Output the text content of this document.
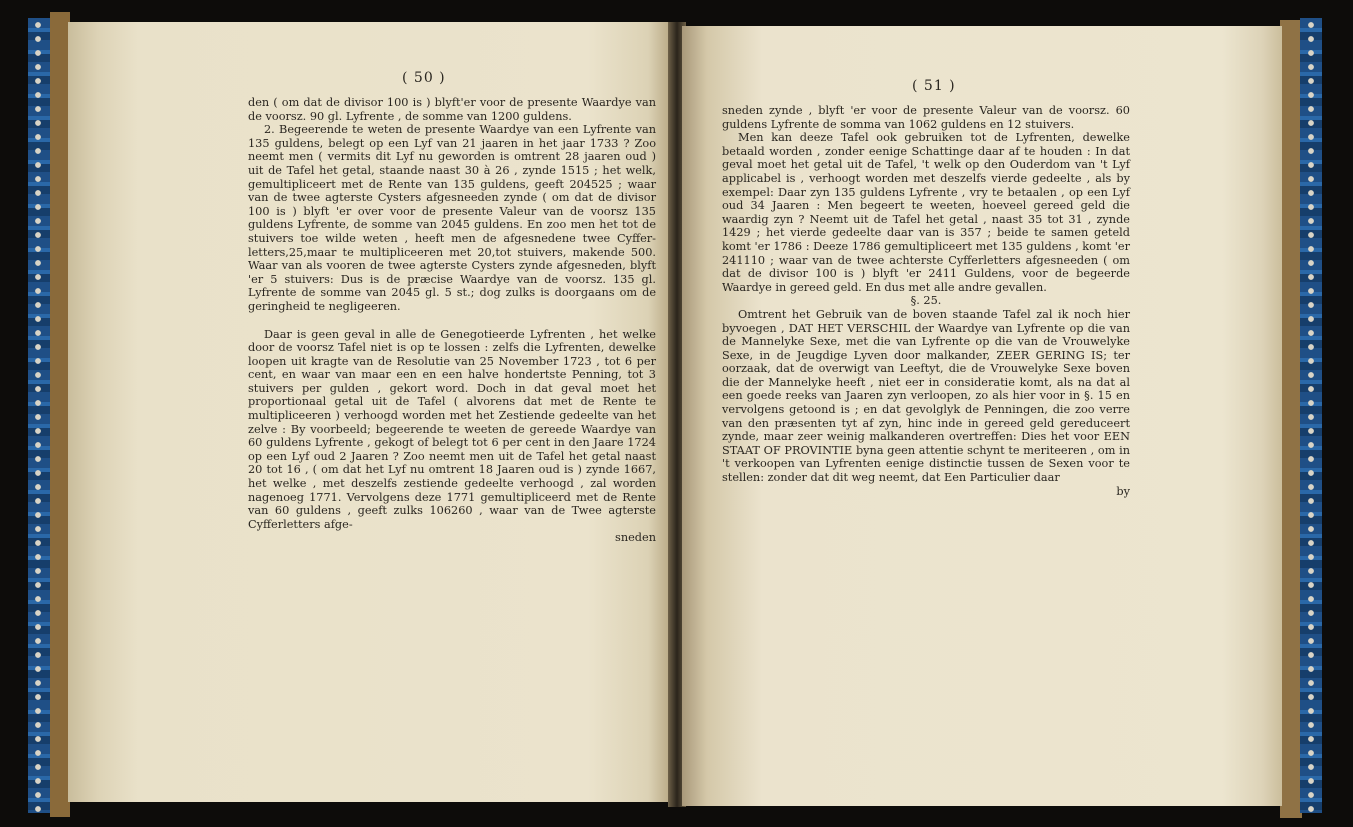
( 50 )

den ( om dat de divisor 100 is ) blyft'er voor de presente Waardye van de voorsz. 90 gl. Lyfrente , de somme van 1200 guldens.

2. Begeerende te weten de presente Waardye van een Lyfrente van 135 guldens, belegt op een Lyf van 21 jaaren in het jaar 1733 ? Zoo neemt men ( vermits dit Lyf nu geworden is omtrent 28 jaaren oud ) uit de Tafel het getal, staande naast 30 à 26 , zynde 1515 ; het welk, gemultipliceert met de Rente van 135 guldens, geeft 204525 ; waar van de twee agterste Cysters afgesneeden zynde ( om dat de divisor 100 is ) blyft 'er over voor de presente Valeur van de voorsz 135 guldens Lyfrente, de somme van 2045 guldens. En zoo men het tot de stuivers toe wilde weten , heeft men de afgesnedene twee Cyffer-letters,25,maar te multipliceeren met 20,tot stuivers, makende 500. Waar van als vooren de twee agterste Cysters zynde afgesneden, blyft 'er 5 stuivers: Dus is de præcise Waardye van de voorsz. 135 gl. Lyfrente de somme van 2045 gl. 5 st.; dog zulks is doorgaans om de geringheid te negligeeren.

Daar is geen geval in alle de Genegotieerde Lyfrenten , het welke door de voorsz Tafel niet is op te lossen : zelfs die Lyfrenten, dewelke loopen uit kragte van de Resolutie van 25 November 1723 , tot 6 per cent, en waar van maar een en een halve hondertste Penning, tot 3 stuivers per gulden , gekort word. Doch in dat geval moet het proportionaal getal uit de Tafel ( alvorens dat met de Rente te multipliceeren ) verhoogd worden met het Zestiende gedeelte van het zelve : By voorbeeld; begeerende te weeten de gereede Waardye van 60 guldens Lyfrente , gekogt of belegt tot 6 per cent in den Jaare 1724 op een Lyf oud 2 Jaaren ? Zoo neemt men uit de Tafel het getal naast 20 tot 16 , ( om dat het Lyf nu omtrent 18 Jaaren oud is ) zynde 1667, het welke , met deszelfs zestiende gedeelte verhoogd , zal worden nagenoeg 1771. Vervolgens deze 1771 gemultipliceerd met de Rente van 60 guldens , geeft zulks 106260 , waar van de Twee agterste Cyfferletters afge-

sneden

( 51 )

sneden zynde , blyft 'er voor de presente Valeur van de voorsz. 60 guldens Lyfrente de somma van 1062 guldens en 12 stuivers.

Men kan deeze Tafel ook gebruiken tot de Lyfrenten, dewelke betaald worden , zonder eenige Schattinge daar af te houden : In dat geval moet het getal uit de Tafel, 't welk op den Ouderdom van 't Lyf applicabel is , verhoogt worden met deszelfs vierde gedeelte , als by exempel: Daar zyn 135 guldens Lyfrente , vry te betaalen , op een Lyf oud 34 Jaaren : Men begeert te weeten, hoeveel gereed geld die waardig zyn ? Neemt uit de Tafel het getal , naast 35 tot 31 , zynde 1429 ; het vierde gedeelte daar van is 357 ; beide te samen geteld komt 'er 1786 : Deeze 1786 gemultipliceert met 135 guldens , komt 'er 241110 ; waar van de twee achterste Cyfferletters afgesneeden ( om dat de divisor 100 is ) blyft 'er 2411 Guldens, voor de begeerde Waardye in gereed geld. En dus met alle andre gevallen.

§. 25.

Omtrent het Gebruik van de boven staande Tafel zal ik noch hier byvoegen , DAT HET VERSCHIL der Waardye van Lyfrente op die van de Mannelyke Sexe, met die van Lyfrente op die van de Vrouwelyke Sexe, in de Jeugdige Lyven door malkander, ZEER GERING IS; ter oorzaak, dat de overwigt van Leeftyt, die de Vrouwelyke Sexe boven die der Mannelyke heeft , niet eer in consideratie komt, als na dat al een goede reeks van Jaaren zyn verloopen, zo als hier voor in §. 15 en vervolgens getoond is ; en dat gevolglyk de Penningen, die zoo verre van den præsenten tyt af zyn, hinc inde in gereed geld gereduceert zynde, maar zeer weinig malkanderen overtreffen: Dies het voor EEN STAAT OF PROVINTIE byna geen attentie schynt te meriteeren , om in 't verkoopen van Lyfrenten eenige distinctie tussen de Sexen voor te stellen: zonder dat dit weg neemt, dat Een Particulier daar

by
